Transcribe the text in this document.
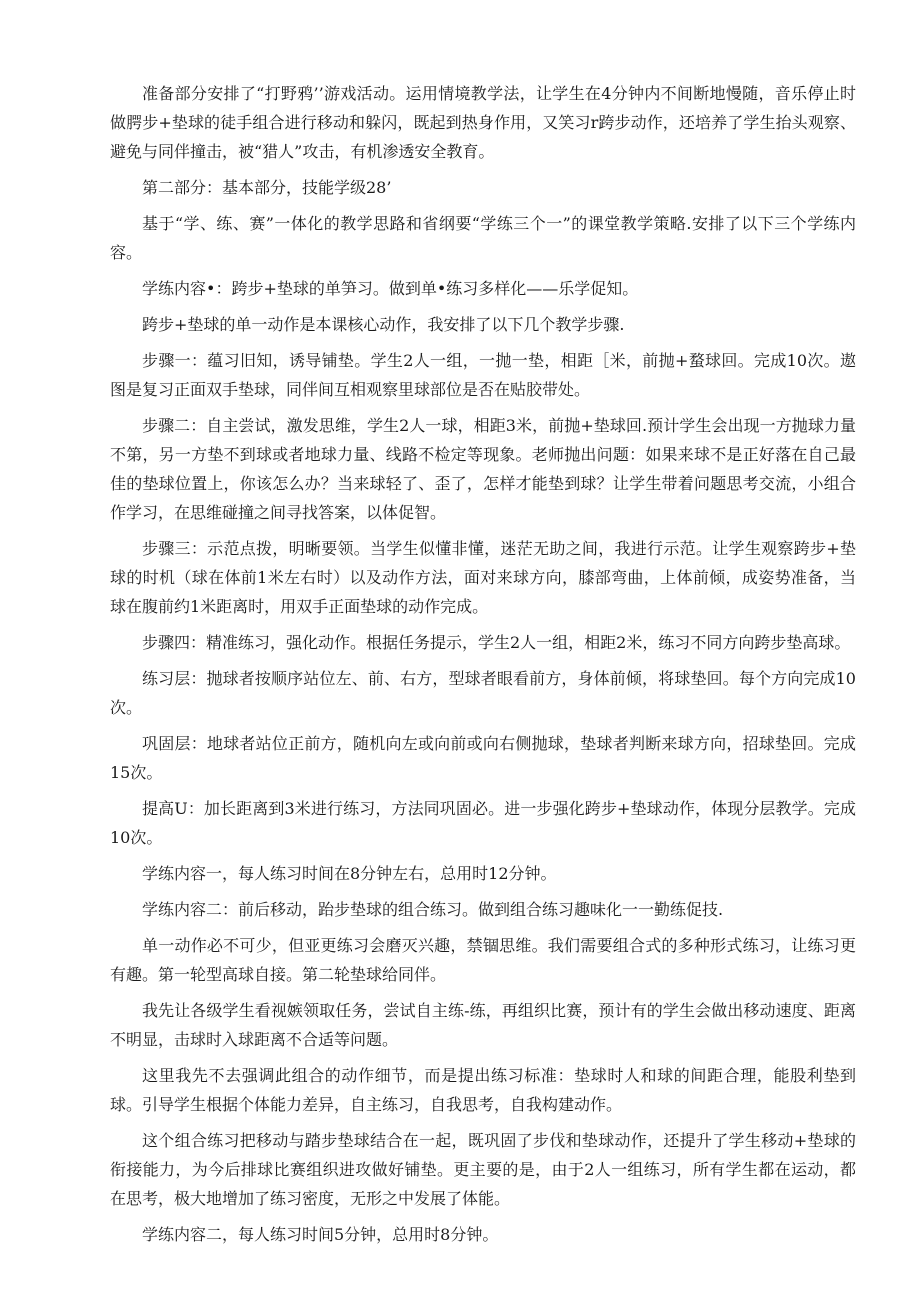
准备部分安排了“打野鸦’’游戏活动。运用情境教学法，让学生在4分钟内不间断地慢随，音乐停止时做腭步+垫球的徒手组合进行移动和躲闪，既起到热身作用，又笑习r跨步动作，还培养了学生抬头观察、避免与同伴撞击，被“猎人”攻击，有机渗透安全教育。

第二部分：基本部分，技能学级28’

基于“学、练、赛”一体化的教学思路和省纲要“学练三个一”的课堂教学策略.安排了以下三个学练内容。

学练内容•：跨步+垫球的单笋习。做到单•练习多样化——乐学促知。

跨步+垫球的单一动作是本课核心动作，我安排了以下几个教学步骤.

步骤一：蕴习旧知，诱导铺垫。学生2人一组，一抛一垫，相距［米，前抛+蝥球回。完成10次。遨图是复习正面双手垫球，同伴间互相观察里球部位是否在贴胶带处。

步骤二：自主尝试，激发思维，学生2人一球，相距3米，前抛+垫球回.预计学生会出现一方抛球力量不第，另一方垫不到球或者地球力量、线路不检定等现象。老师抛出问题：如果来球不是正好落在自己最佳的垫球位置上，你该怎么办？当来球轻了、歪了，怎样才能垫到球？让学生带着问题思考交流，小组合作学习，在思维碰撞之间寻找答案，以体促智。

步骤三：示范点拨，明晰要领。当学生似懂非懂，迷茫无助之间，我进行示范。让学生观察跨步+垫球的时机（球在体前1米左右时）以及动作方法，面对来球方向，膝部弯曲，上体前倾，成姿势准备，当球在腹前约1米距离时，用双手正面垫球的动作完成。

步骤四：精准练习，强化动作。根据任务提示，学生2人一组，相距2米，练习不同方向跨步垫高球。

练习层：抛球者按顺序站位左、前、右方，型球者眼看前方，身体前倾，将球垫回。每个方向完成10次。

巩固层：地球者站位正前方，随机向左或向前或向右侧抛球，垫球者判断来球方向，招球垫回。完成15次。

提高U：加长距离到3米进行练习，方法同巩固必。进一步强化跨步+垫球动作，体现分层教学。完成10次。

学练内容一，每人练习时间在8分钟左右，总用时12分钟。

学练内容二：前后移动，跆步垫球的组合练习。做到组合练习趣味化一一勤练促技.

单一动作必不可少，但亚更练习会磨灭兴趣，禁锢思维。我们需要组合式的多种形式练习，让练习更有趣。第一轮型高球自接。第二轮垫球给同伴。

我先让各级学生看视嫉领取任务，尝试自主练-练，再组织比赛，预计有的学生会做出移动速度、距离不明显，击球时入球距离不合适等问题。

这里我先不去强调此组合的动作细节，而是提出练习标准：垫球时人和球的间距合理，能股利垫到球。引导学生根据个体能力差异，自主练习，自我思考，自我构建动作。

这个组合练习把移动与踏步垫球结合在一起，既巩固了步伐和垫球动作，还提升了学生移动+垫球的衔接能力，为今后排球比赛组织进攻做好铺垫。更主要的是，由于2人一组练习，所有学生都在运动，都在思考，极大地增加了练习密度，无形之中发展了体能。

学练内容二，每人练习时间5分钟，总用时8分钟。
